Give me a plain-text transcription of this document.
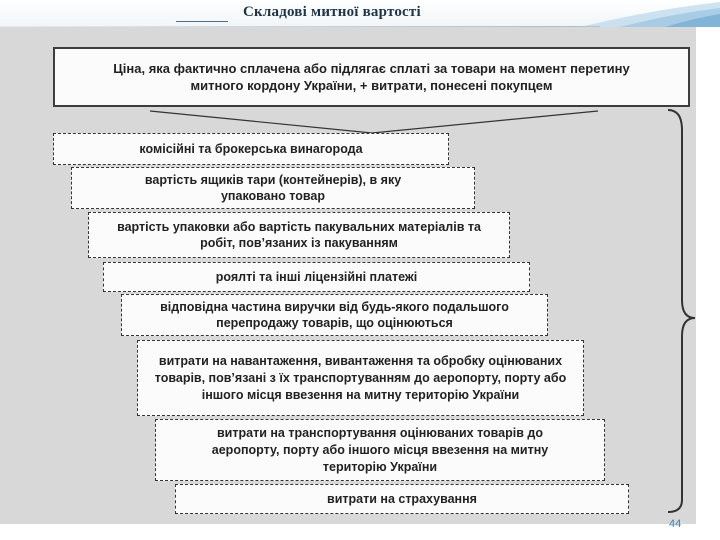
Складові митної вартості
Ціна, яка фактично сплачена або підлягає сплаті за товари на момент перетину митного кордону України, + витрати, понесені покупцем
комісійні та брокерська винагорода
вартість ящиків тари (контейнерів), в яку упаковано товар
вартість упаковки або вартість пакувальних матеріалів та робіт, пов’язаних із пакуванням
роялті та інші ліцензійні платежі
відповідна частина виручки від будь-якого подальшого перепродажу товарів, що оцінюються
витрати на навантаження, вивантаження та обробку оцінюваних товарів, пов’язані з їх транспортуванням до аеропорту, порту або іншого місця ввезення на митну територію України
витрати на транспортування оцінюваних товарів до аеропорту, порту або іншого місця ввезення на митну територію України
витрати на страхування
44
